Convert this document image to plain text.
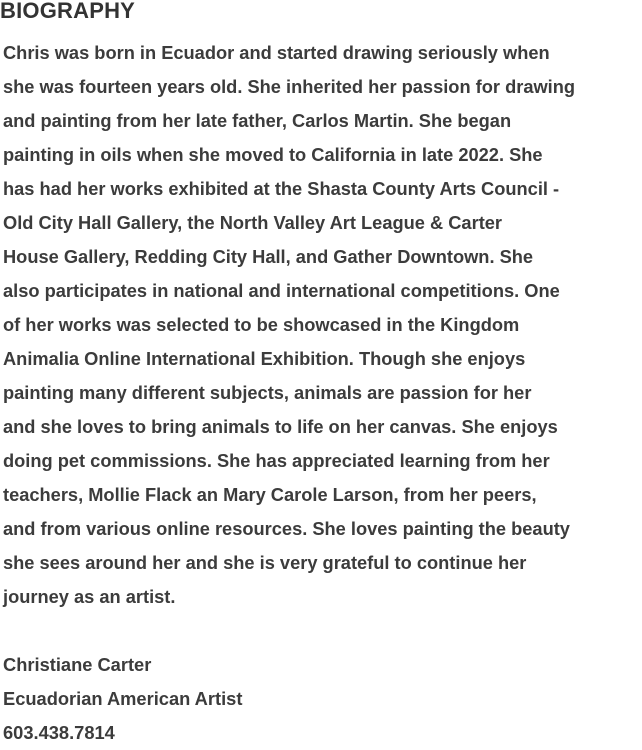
BIOGRAPHY
Chris was born in Ecuador and started drawing seriously when
she was fourteen years old. She inherited her passion for drawing
and painting from her late father, Carlos Martin. She began
painting in oils when she moved to California in late 2022. She
has had her works exhibited at the Shasta County Arts Council -
Old City Hall Gallery, the North Valley Art League & Carter
House Gallery, Redding City Hall, and Gather Downtown. She
also participates in national and international competitions. One
of her works was selected to be showcased in the Kingdom
Animalia Online International Exhibition. Though she enjoys
painting many different subjects, animals are passion for her
and she loves to bring animals to life on her canvas. She enjoys
doing pet commissions. She has appreciated learning from her
teachers, Mollie Flack an Mary Carole Larson, from her peers,
and from various online resources. She loves painting the beauty
she sees around her and she is very grateful to continue her
journey as an artist.
Christiane Carter
Ecuadorian American Artist
603.438.7814
